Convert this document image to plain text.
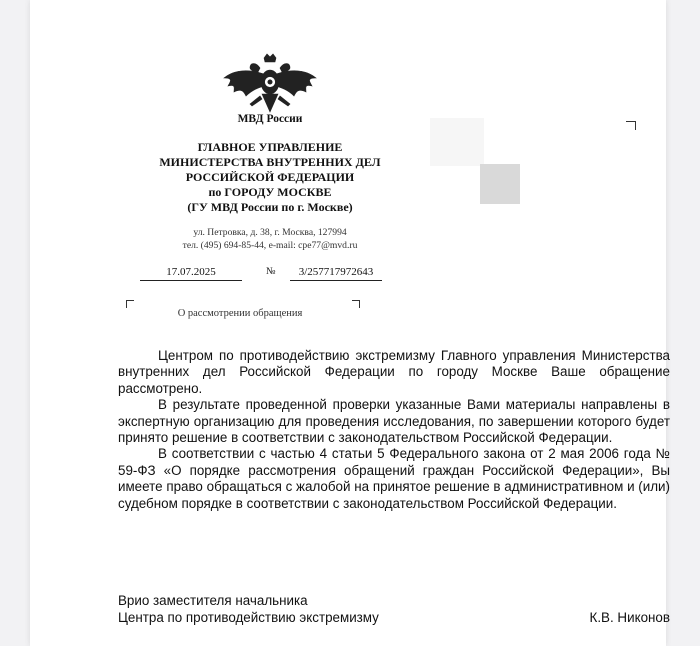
МВД России
ГЛАВНОЕ УПРАВЛЕНИЕ
МИНИСТЕРСТВА ВНУТРЕННИХ ДЕЛ
РОССИЙСКОЙ ФЕДЕРАЦИИ
по ГОРОДУ МОСКВЕ
(ГУ МВД России по г. Москве)
ул. Петровка, д. 38, г. Москва, 127994
тел. (495) 694-85-44, e-mail: cpe77@mvd.ru
17.07.2025	№	3/257717972643
О рассмотрении обращения

Центром по противодействию экстремизму Главного управления Министерства внутренних дел Российской Федерации по городу Москве Ваше обращение рассмотрено.

В результате проведенной проверки указанные Вами материалы направлены в экспертную организацию для проведения исследования, по завершении которого будет принято решение в соответствии с законодательством Российской Федерации.

В соответствии с частью 4 статьи 5 Федерального закона от 2 мая 2006 года № 59-ФЗ «О порядке рассмотрения обращений граждан Российской Федерации», Вы имеете право обращаться с жалобой на принятое решение в административном и (или) судебном порядке в соответствии с законодательством Российской Федерации.

Врио заместителя начальника
Центра по противодействию экстремизму	К.В. Никонов
